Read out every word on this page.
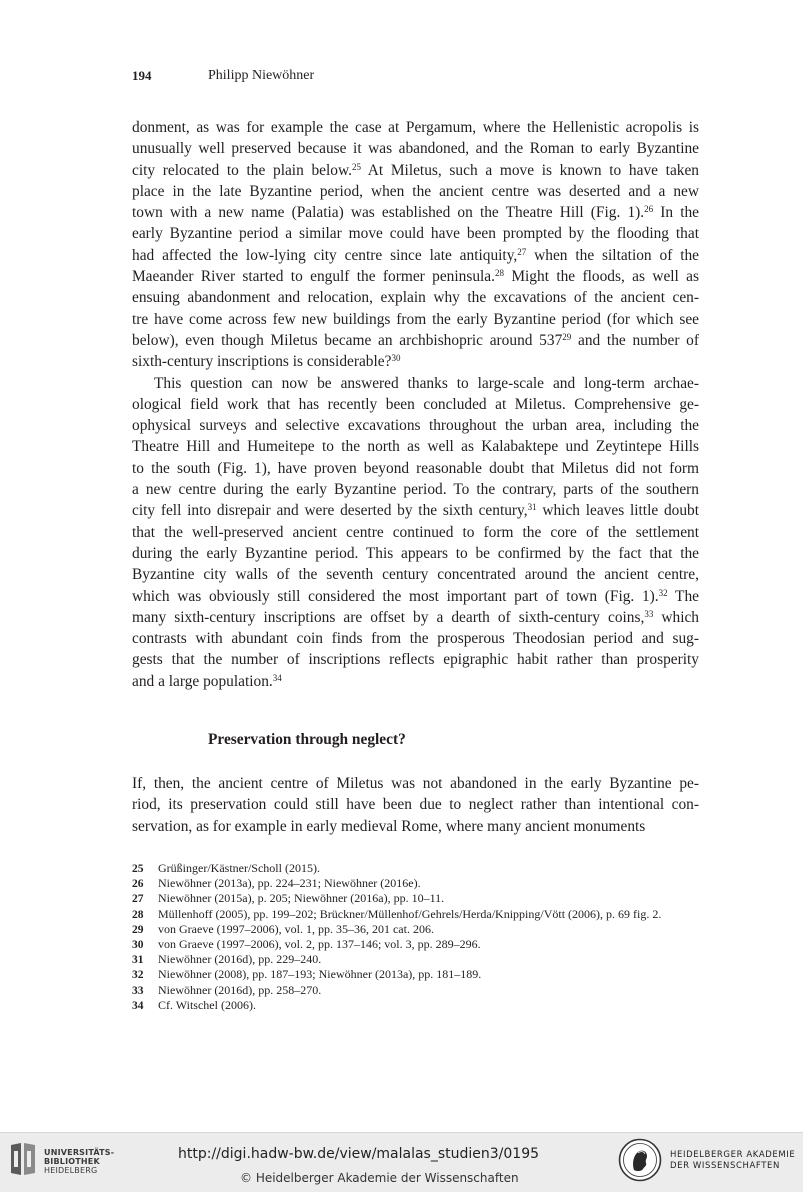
194	Philipp Niewöhner
donment, as was for example the case at Pergamum, where the Hellenistic acropolis is
unusually well preserved because it was abandoned, and the Roman to early Byzantine
city relocated to the plain below.$^{25}$ At Miletus, such a move is known to have taken
place in the late Byzantine period, when the ancient centre was deserted and a new
town with a new name (Palatia) was established on the Theatre Hill (Fig. 1).$^{26}$ In the
early Byzantine period a similar move could have been prompted by the flooding that
had affected the low-lying city centre since late antiquity,$^{27}$ when the siltation of the
Maeander River started to engulf the former peninsula.$^{28}$ Might the floods, as well as
ensuing abandonment and relocation, explain why the excavations of the ancient cen-
tre have come across few new buildings from the early Byzantine period (for which see
below), even though Miletus became an archbishopric around $537^{29}$ and the number of
sixth-century inscriptions is considerable?$^{30}$
This question can now be answered thanks to large-scale and long-term archae-
ological field work that has recently been concluded at Miletus. Comprehensive ge-
ophysical surveys and selective excavations throughout the urban area, including the
Theatre Hill and Humeitepe to the north as well as Kalabaktepe und Zeytintepe Hills
to the south (Fig. 1), have proven beyond reasonable doubt that Miletus did not form
a new centre during the early Byzantine period. To the contrary, parts of the southern
city fell into disrepair and were deserted by the sixth century,$^{31}$ which leaves little doubt
that the well-preserved ancient centre continued to form the core of the settlement
during the early Byzantine period. This appears to be confirmed by the fact that the
Byzantine city walls of the seventh century concentrated around the ancient centre,
which was obviously still considered the most important part of town (Fig. 1).$^{32}$ The
many sixth-century inscriptions are offset by a dearth of sixth-century coins,$^{33}$ which
contrasts with abundant coin finds from the prosperous Theodosian period and sug-
gests that the number of inscriptions reflects epigraphic habit rather than prosperity
and a large population.$^{34}$
Preservation through neglect?
If, then, the ancient centre of Miletus was not abandoned in the early Byzantine pe-
riod, its preservation could still have been due to neglect rather than intentional con-
servation, as for example in early medieval Rome, where many ancient monuments
25 Grüßinger/Kästner/Scholl (2015).
26 Niewöhner (2013a), pp. 224–231; Niewöhner (2016e).
27 Niewöhner (2015a), p. 205; Niewöhner (2016a), pp. 10–11.
28 Müllenhoff (2005), pp. 199–202; Brückner/Müllenhof/Gehrels/Herda/Knipping/Vött (2006), p. 69 fig. 2.
29 von Graeve (1997–2006), vol. 1, pp. 35–36, 201 cat. 206.
30 von Graeve (1997–2006), vol. 2, pp. 137–146; vol. 3, pp. 289–296.
31 Niewöhner (2016d), pp. 229–240.
32 Niewöhner (2008), pp. 187–193; Niewöhner (2013a), pp. 181–189.
33 Niewöhner (2016d), pp. 258–270.
34 Cf. Witschel (2006).
UNIVERSITÄTS-
BIBLIOTHEK
HEIDELBERG
http://digi.hadw-bw.de/view/malalas_studien3/0195
© Heidelberger Akademie der Wissenschaften
HEIDELBERGER AKADEMIE
DER WISSENSCHAFTEN
